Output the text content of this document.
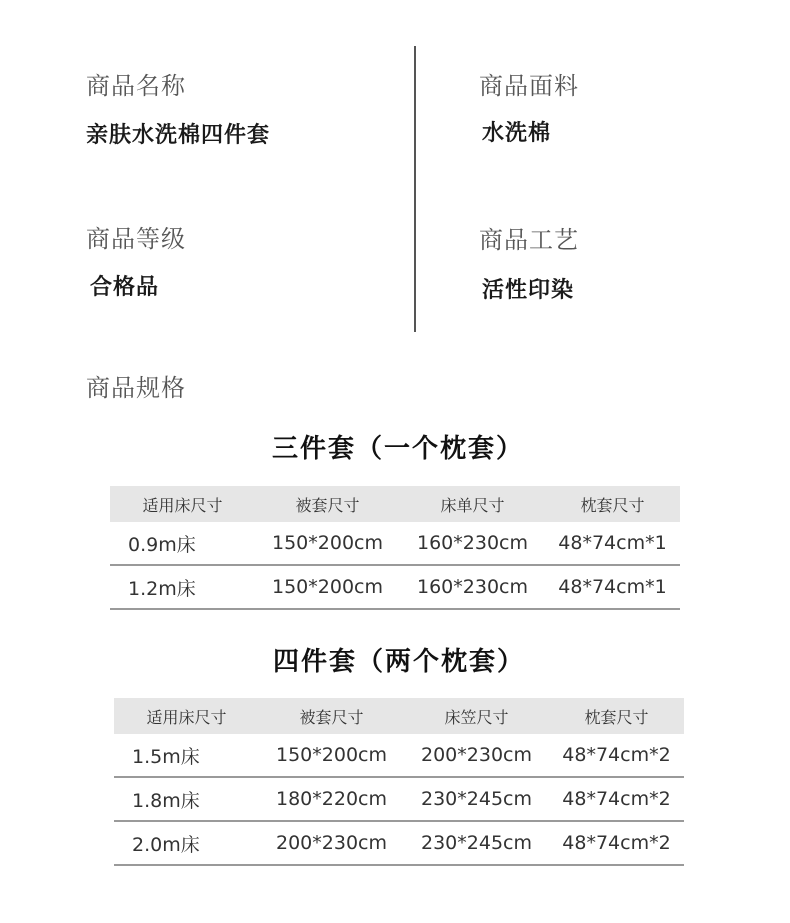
商品名称
亲肤水洗棉四件套
商品面料
水洗棉
商品等级
合格品
商品工艺
活性印染
商品规格
三件套（一个枕套）
适用床尺寸	被套尺寸	床单尺寸	枕套尺寸
0.9m床	150*200cm	160*230cm	48*74cm*1
1.2m床	150*200cm	160*230cm	48*74cm*1
四件套（两个枕套）
适用床尺寸	被套尺寸	床笠尺寸	枕套尺寸
1.5m床	150*200cm	200*230cm	48*74cm*2
1.8m床	180*220cm	230*245cm	48*74cm*2
2.0m床	200*230cm	230*245cm	48*74cm*2
